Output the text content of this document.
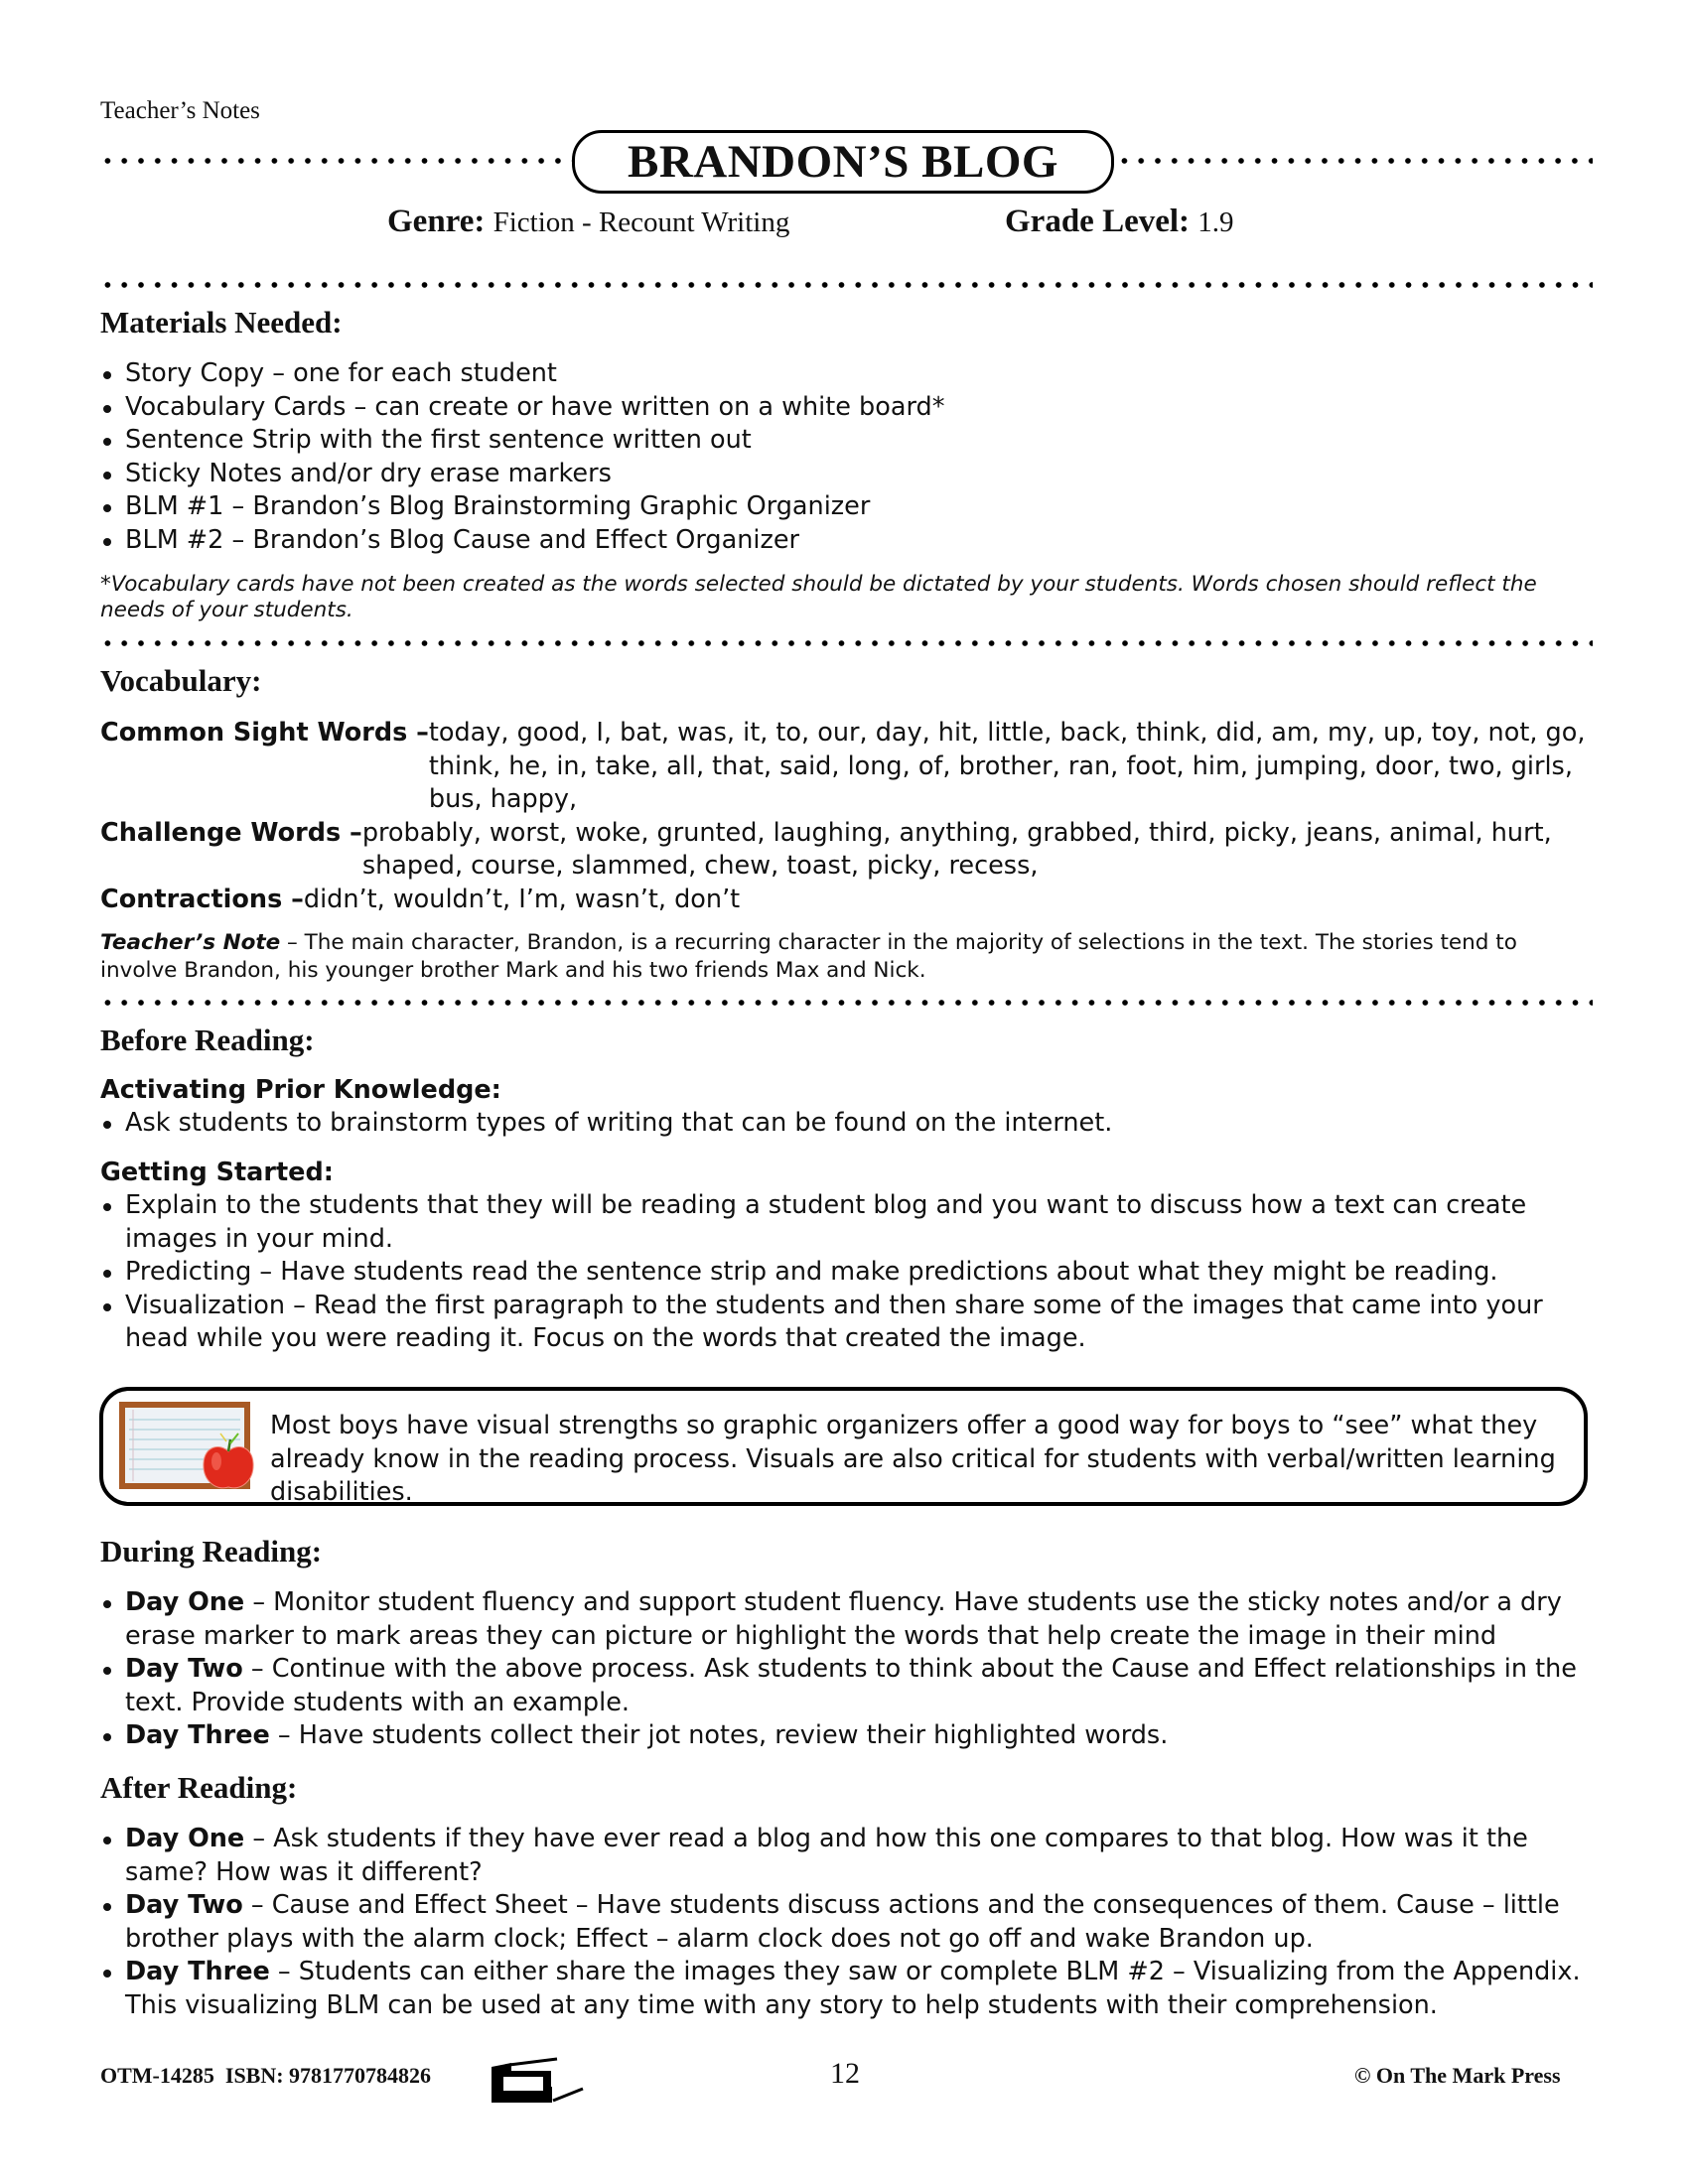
Teacher’s Notes
BRANDON’S BLOG
Genre: Fiction - Recount Writing	Grade Level: 1.9
Materials Needed:
Story Copy – one for each student
Vocabulary Cards – can create or have written on a white board*
Sentence Strip with the first sentence written out
Sticky Notes and/or dry erase markers
BLM #1 – Brandon’s Blog Brainstorming Graphic Organizer
BLM #2 – Brandon’s Blog Cause and Effect Organizer
*Vocabulary cards have not been created as the words selected should be dictated by your students. Words chosen should reflect the needs of your students.
Vocabulary:
Common Sight Words – today, good, I, bat, was, it, to, our, day, hit, little, back, think, did, am, my, up, toy, not, go, think, he, in, take, all, that, said, long, of, brother, ran, foot, him, jumping, door, two, girls, bus, happy,
Challenge Words – probably, worst, woke, grunted, laughing, anything, grabbed, third, picky, jeans, animal, hurt, shaped, course, slammed, chew, toast, picky, recess,
Contractions – didn’t, wouldn’t, I’m, wasn’t, don’t
Teacher’s Note – The main character, Brandon, is a recurring character in the majority of selections in the text. The stories tend to involve Brandon, his younger brother Mark and his two friends Max and Nick.
Before Reading:
Activating Prior Knowledge:
Ask students to brainstorm types of writing that can be found on the internet.
Getting Started:
Explain to the students that they will be reading a student blog and you want to discuss how a text can create images in your mind.
Predicting – Have students read the sentence strip and make predictions about what they might be reading.
Visualization – Read the first paragraph to the students and then share some of the images that came into your head while you were reading it. Focus on the words that created the image.
Most boys have visual strengths so graphic organizers offer a good way for boys to “see” what they already know in the reading process. Visuals are also critical for students with verbal/written learning disabilities.
During Reading:
Day One – Monitor student fluency and support student fluency. Have students use the sticky notes and/or a dry erase marker to mark areas they can picture or highlight the words that help create the image in their mind
Day Two – Continue with the above process. Ask students to think about the Cause and Effect relationships in the text. Provide students with an example.
Day Three – Have students collect their jot notes, review their highlighted words.
After Reading:
Day One – Ask students if they have ever read a blog and how this one compares to that blog. How was it the same? How was it different?
Day Two – Cause and Effect Sheet – Have students discuss actions and the consequences of them. Cause – little brother plays with the alarm clock; Effect – alarm clock does not go off and wake Brandon up.
Day Three – Students can either share the images they saw or complete BLM #2 – Visualizing from the Appendix. This visualizing BLM can be used at any time with any story to help students with their comprehension.
OTM-14285  ISBN: 9781770784826	12	© On The Mark Press
